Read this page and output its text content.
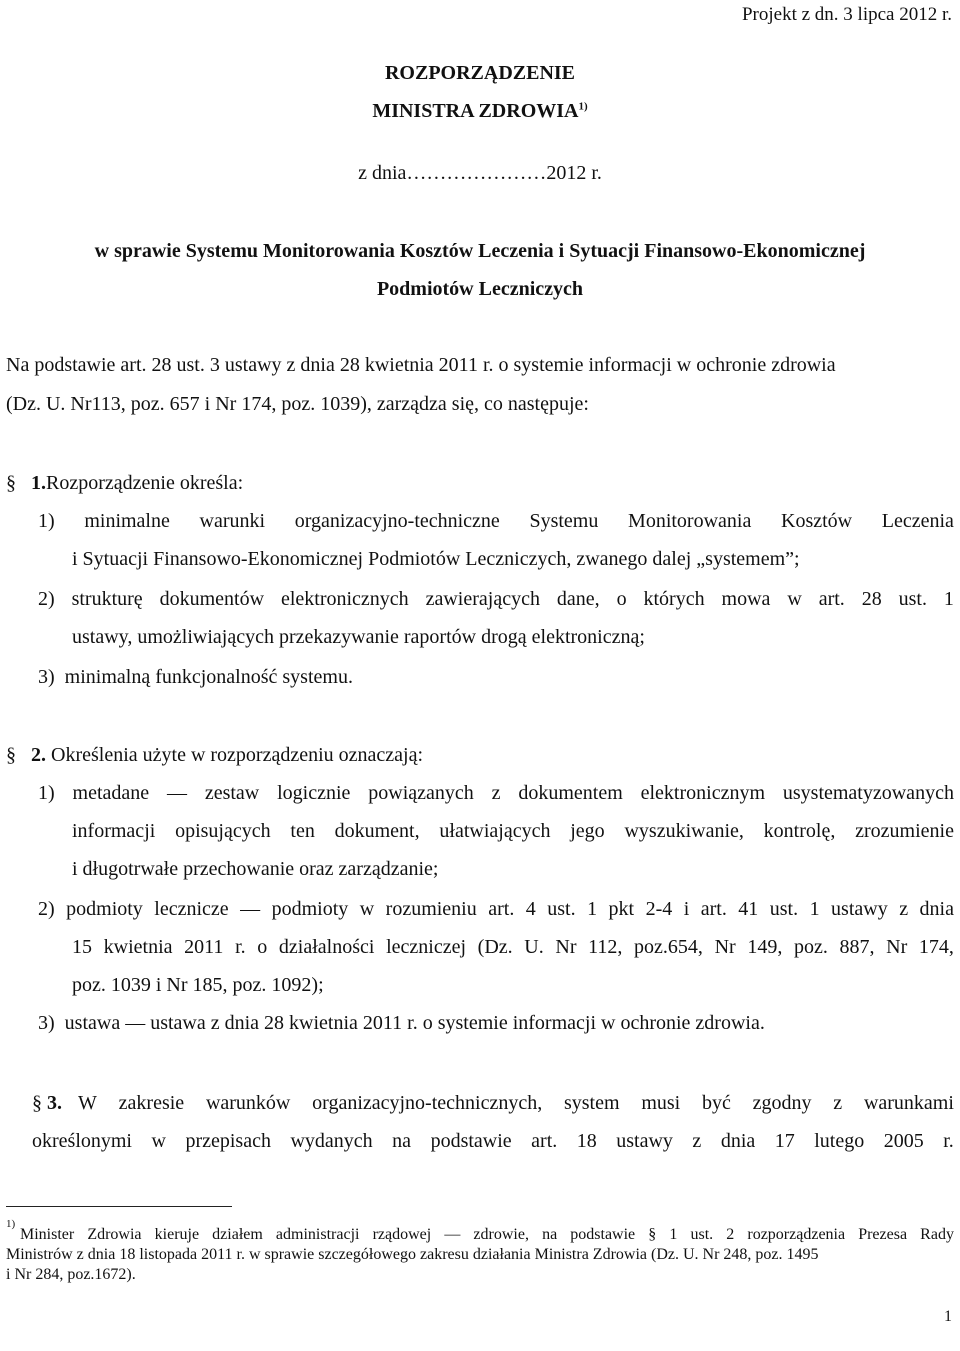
Projekt z dn. 3 lipca 2012 r.
ROZPORZĄDZENIE
MINISTRA ZDROWIA$^{1)}$
z dnia…………………2012 r.
w sprawie Systemu Monitorowania Kosztów Leczenia i Sytuacji Finansowo-Ekonomicznej
Podmiotów Leczniczych
Na podstawie art. 28 ust. 3 ustawy z dnia 28 kwietnia 2011 r. o systemie informacji w ochronie zdrowia
(Dz. U. Nr113, poz. 657 i Nr 174, poz. 1039), zarządza się, co następuje:
§ 1.Rozporządzenie określa:
1) minimalne warunki organizacyjno-techniczne Systemu Monitorowania Kosztów Leczenia
i Sytuacji Finansowo-Ekonomicznej Podmiotów Leczniczych, zwanego dalej „systemem”;
2) strukturę dokumentów elektronicznych zawierających dane, o których mowa w art. 28 ust. 1
ustawy, umożliwiających przekazywanie raportów drogą elektroniczną;
3)  minimalną funkcjonalność systemu.
§ 2. Określenia użyte w rozporządzeniu oznaczają:
1) metadane — zestaw logicznie powiązanych z dokumentem elektronicznym usystematyzowanych
informacji opisujących ten dokument, ułatwiających jego wyszukiwanie, kontrolę, zrozumienie
i długotrwałe przechowanie oraz zarządzanie;
2) podmioty lecznicze — podmioty w rozumieniu art. 4 ust. 1 pkt 2-4 i art. 41 ust. 1 ustawy z dnia
15 kwietnia 2011 r. o działalności leczniczej (Dz. U. Nr 112, poz.654, Nr 149, poz. 887, Nr 174,
poz. 1039 i Nr 185, poz. 1092);
3)  ustawa — ustawa z dnia 28 kwietnia 2011 r. o systemie informacji w ochronie zdrowia.
§ 3. W zakresie warunków organizacyjno-technicznych, system musi być zgodny z warunkami
określonymi w przepisach wydanych na podstawie art. 18 ustawy z dnia 17 lutego 2005 r.
1)
Minister Zdrowia kieruje działem administracji rządowej — zdrowie, na podstawie § 1 ust. 2 rozporządzenia Prezesa Rady
Ministrów z dnia 18 listopada 2011 r. w sprawie szczegółowego zakresu działania Ministra Zdrowia (Dz. U. Nr 248, poz. 1495
i Nr 284, poz.1672).
1
